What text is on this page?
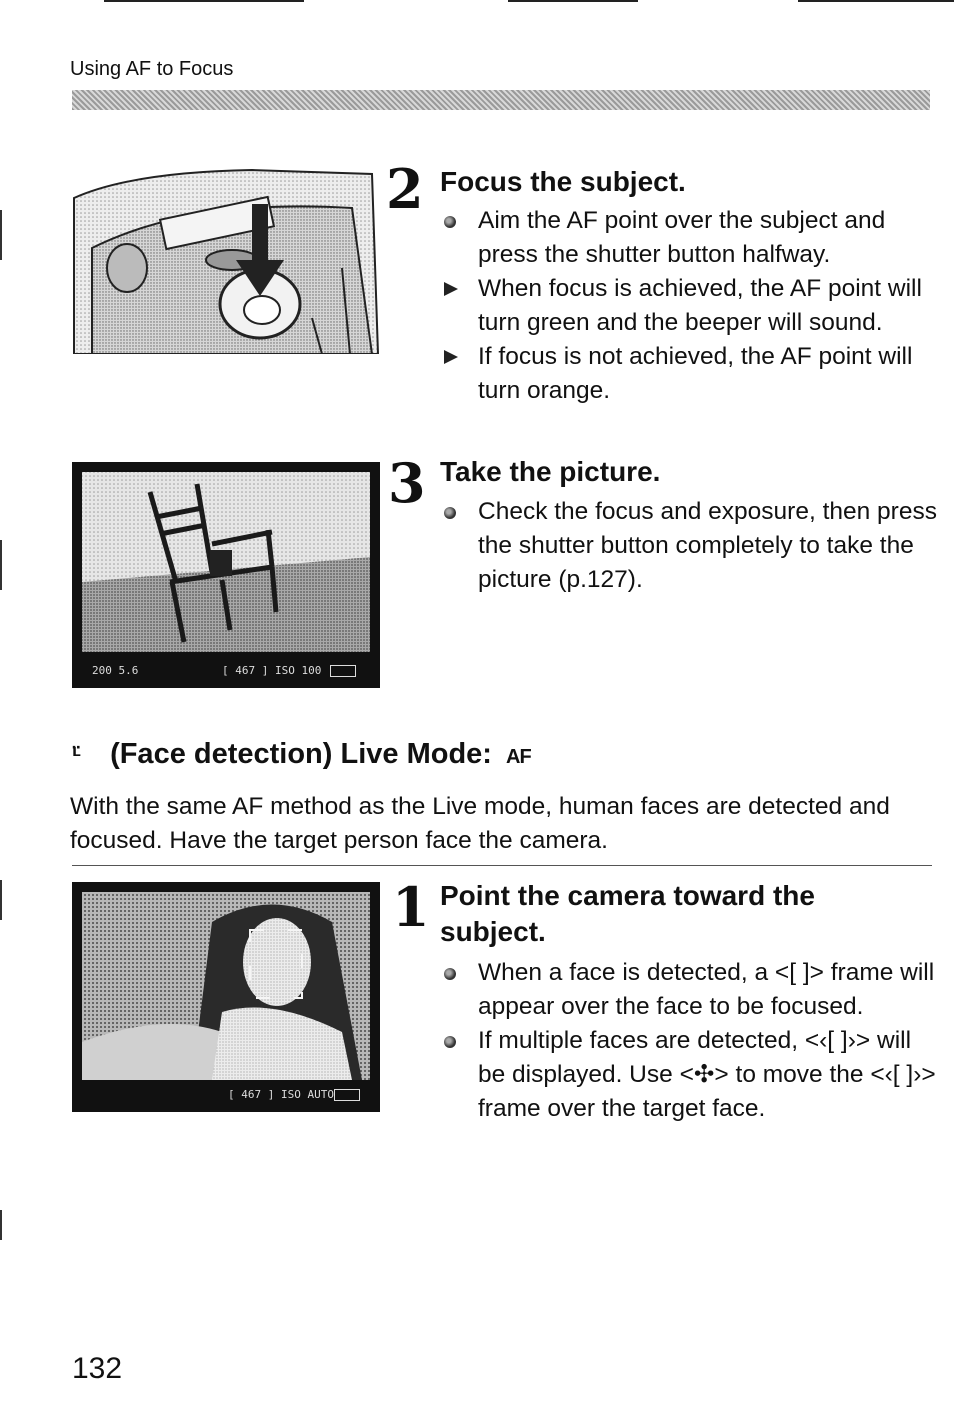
Using AF to Focus
2 Focus the subject.
Aim the AF point over the subject and press the shutter button halfway.
When focus is achieved, the AF point will turn green and the beeper will sound.
If focus is not achieved, the AF point will turn orange.
200 5.6	[ 467 ] ISO 100
3 Take the picture.
Check the focus and exposure, then press the shutter button completely to take the picture (p.127).
ᒻ̈ (Face detection) Live Mode: AF
With the same AF method as the Live mode, human faces are detected and focused. Have the target person face the camera.
[ 467 ] ISO AUTO
1 Point the camera toward the subject.
When a face is detected, a <[ ]> frame will appear over the face to be focused.
If multiple faces are detected, <‹[ ]›> will be displayed. Use <✣> to move the <‹[ ]›> frame over the target face.
132
